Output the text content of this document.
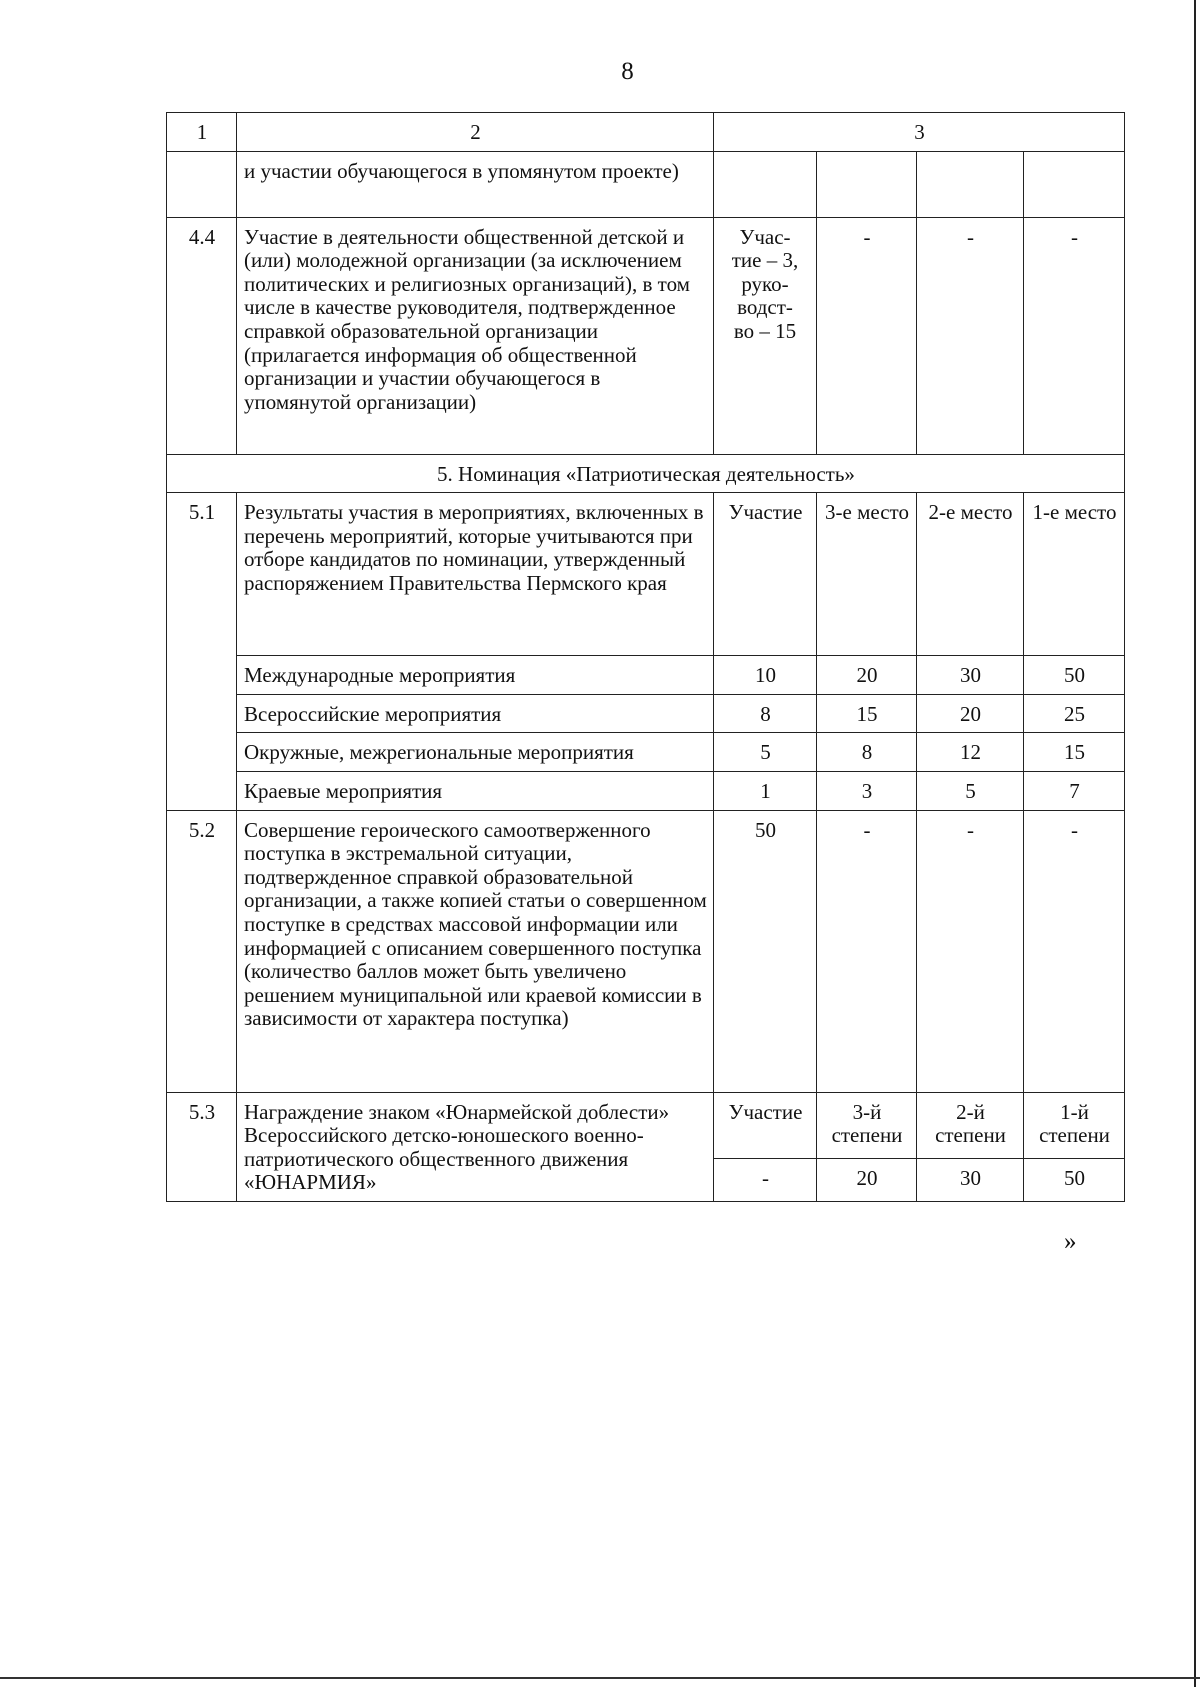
8
1	2	3			
	и участии обучающегося в упомянутом проекте)				
4.4	Участие в деятельности общественной детской и (или) молодежной организации (за исключением политических и религиозных организаций), в том числе в качестве руководителя, подтвержденное справкой образовательной организации (прилагается информация об общественной организации и участии обучающегося в упомянутой организации)	Учас-тие – 3, руко-водст-во – 15	-	-	-
5. Номинация «Патриотическая деятельность»					
5.1	Результаты участия в мероприятиях, включенных в перечень мероприятий, которые учитываются при отборе кандидатов по номинации, утвержденный распоряжением Правительства Пермского края	Участие	3-е место	2-е место	1-е место
	Международные мероприятия	10	20	30	50
	Всероссийские мероприятия	8	15	20	25
	Окружные, межрегиональные мероприятия	5	8	12	15
	Краевые мероприятия	1	3	5	7
5.2	Совершение героического самоотверженного поступка в экстремальной ситуации, подтвержденное справкой образовательной организации, а также копией статьи о совершенном поступке в средствах массовой информации или информацией с описанием совершенного поступка (количество баллов может быть увеличено решением муниципальной или краевой комиссии в зависимости от характера поступка)	50	-	-	-
5.3	Награждение знаком «Юнармейской доблести» Всероссийского детско-юношеского военно-патриотического общественного движения «ЮНАРМИЯ»	Участие	3-й степени	2-й степени	1-й степени
		-	20	30	50
»
